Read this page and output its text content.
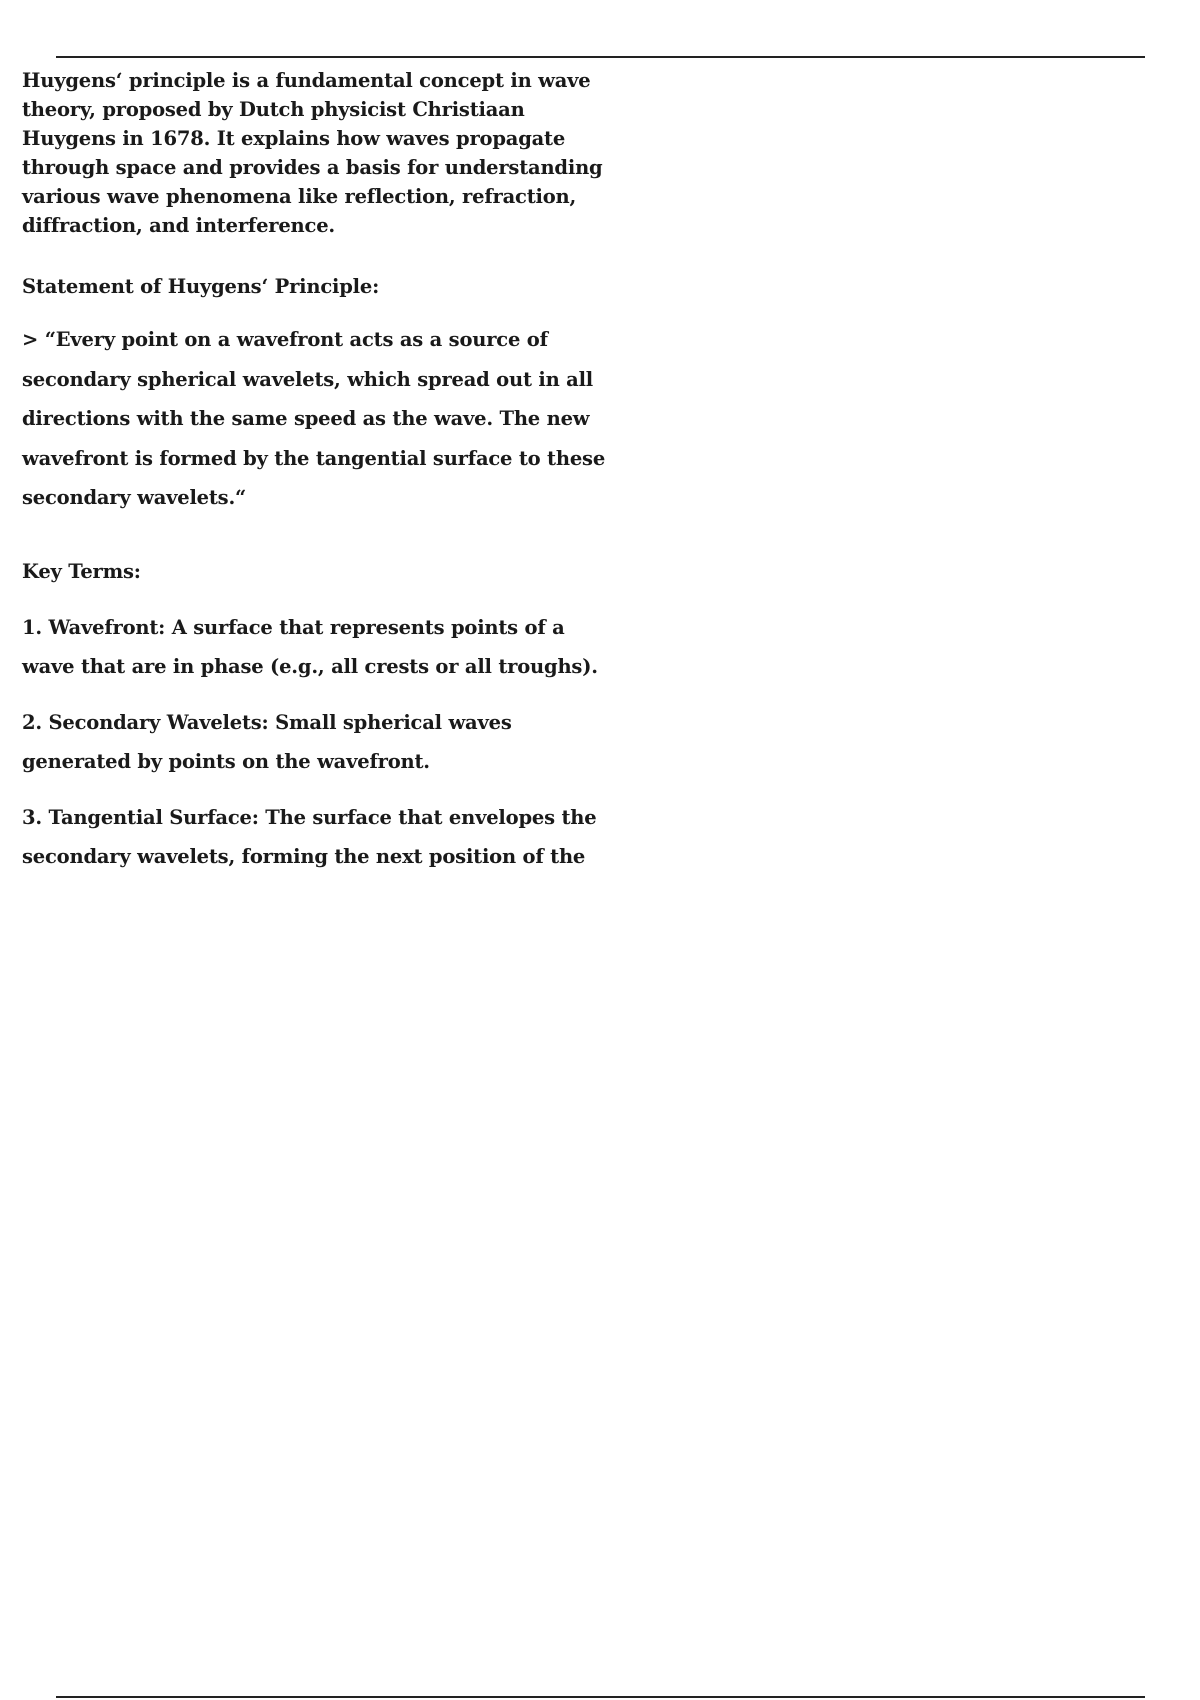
Huygens‘ principle is a fundamental concept in wave theory, proposed by Dutch physicist Christiaan Huygens in 1678. It explains how waves propagate through space and provides a basis for understanding various wave phenomena like reflection, refraction, diffraction, and interference.

Statement of Huygens‘ Principle:

> “Every point on a wavefront acts as a source of secondary spherical wavelets, which spread out in all directions with the same speed as the wave. The new wavefront is formed by the tangential surface to these secondary wavelets.“

Key Terms:

1. Wavefront: A surface that represents points of a wave that are in phase (e.g., all crests or all troughs).

2. Secondary Wavelets: Small spherical waves generated by points on the wavefront.

3. Tangential Surface: The surface that envelopes the secondary wavelets, forming the next position of the
